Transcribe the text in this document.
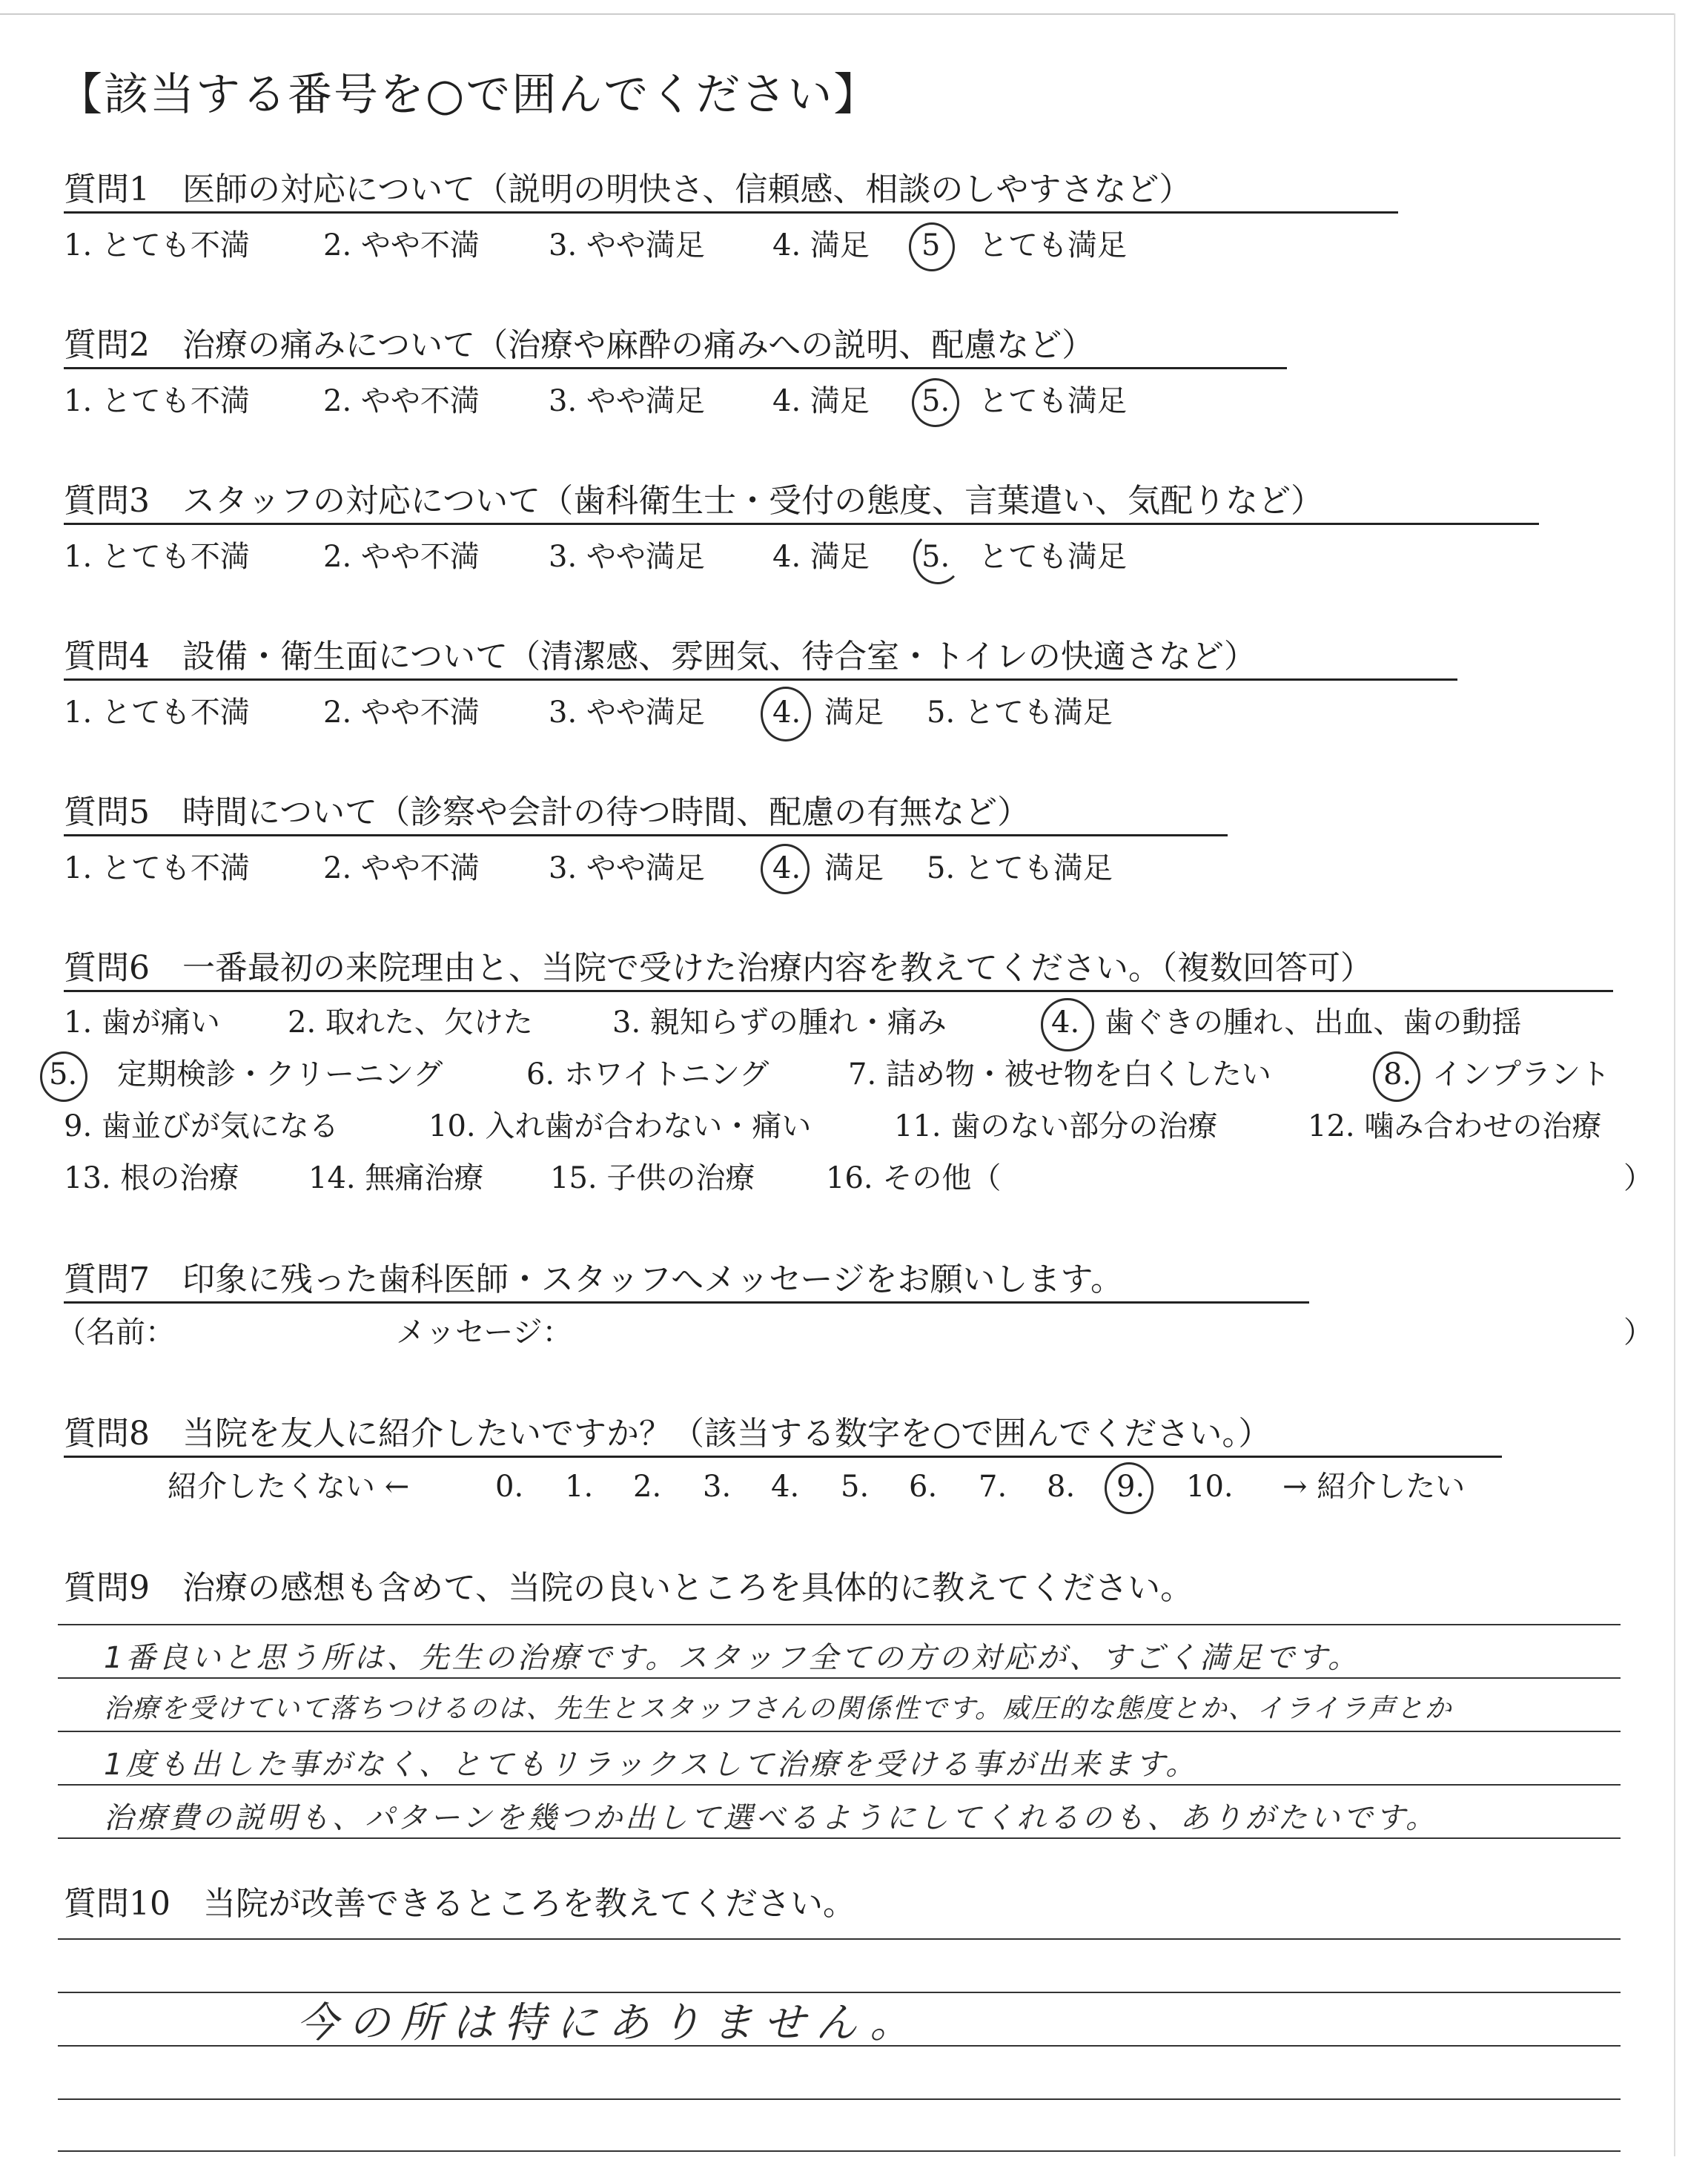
【該当する番号を○で囲んでください】
質問1　医師の対応について（説明の明快さ、信頼感、相談のしやすさなど）
1. とても不満 2. やや不満 3. やや満足 4. 満足 5 とても満足
質問2　治療の痛みについて（治療や麻酔の痛みへの説明、配慮など）
1. とても不満 2. やや不満 3. やや満足 4. 満足 5. とても満足
質問3　スタッフの対応について（歯科衛生士・受付の態度、言葉遣い、気配りなど）
1. とても不満 2. やや不満 3. やや満足 4. 満足 5. とても満足
質問4　設備・衛生面について（清潔感、雰囲気、待合室・トイレの快適さなど）
1. とても不満 2. やや不満 3. やや満足 4. 満足 5. とても満足
質問5　時間について（診察や会計の待つ時間、配慮の有無など）
1. とても不満 2. やや不満 3. やや満足 4. 満足 5. とても満足
質問6　一番最初の来院理由と、当院で受けた治療内容を教えてください。（複数回答可）
1. 歯が痛い 2. 取れた、欠けた	3. 親知らずの腫れ・痛み	4. 歯ぐきの腫れ、出血、歯の動揺
5. 定期検診・クリーニング	6. ホワイトニング	7. 詰め物・被せ物を白くしたい	8. インプラント
9. 歯並びが気になる	10. 入れ歯が合わない・痛い	11. 歯のない部分の治療	12. 噛み合わせの治療
13. 根の治療 14. 無痛治療 15. 子供の治療 16. その他（	）
質問7　印象に残った歯科医師・スタッフへメッセージをお願いします。
（名前：	メッセージ：	）
質問8　当院を友人に紹介したいですか？（該当する数字を○で囲んでください。）
紹介したくない ←	0. 1. 2. 3. 4. 5. 6. 7. 8. 9. 10. → 紹介したい
質問9　治療の感想も含めて、当院の良いところを具体的に教えてください。
1番良いと思う所は、先生の治療です。スタッフ全ての方の対応が、すごく満足です。
治療を受けていて落ちつけるのは、先生とスタッフさんの関係性です。威圧的な態度とか、イライラ声とか
1度も出した事がなく、とてもリラックスして治療を受ける事が出来ます。
治療費の説明も、パターンを幾つか出して選べるようにしてくれるのも、ありがたいです。
質問10　当院が改善できるところを教えてください。
今の所は特にありません。
